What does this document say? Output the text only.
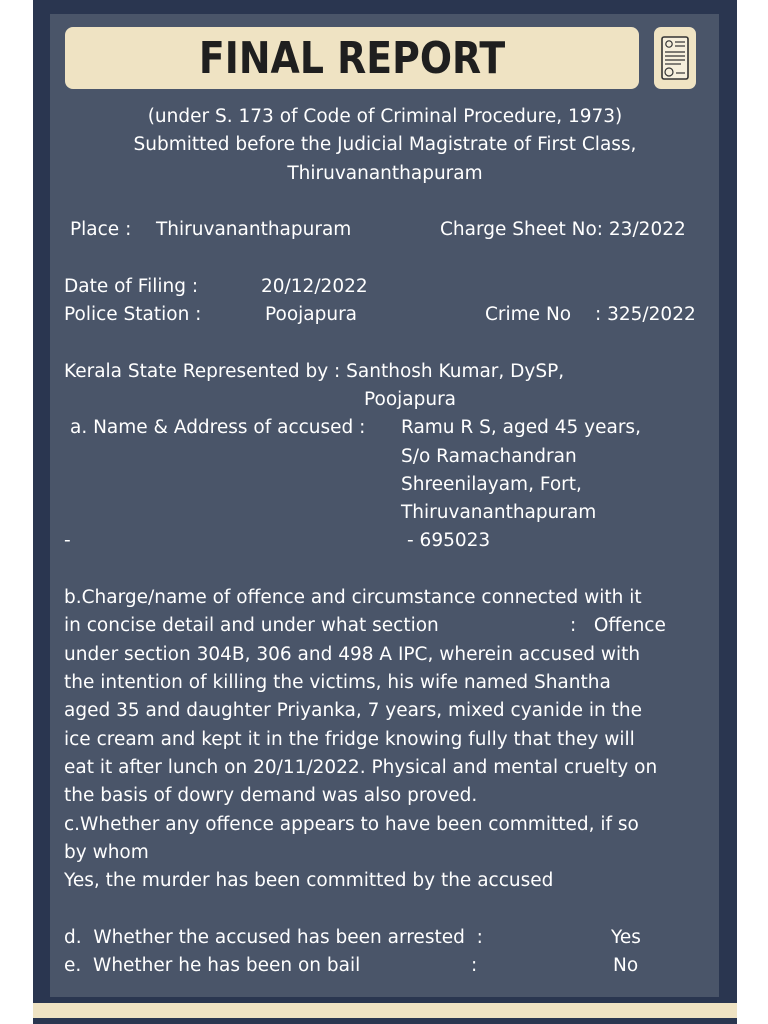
FINAL REPORT
(under S. 173 of Code of Criminal Procedure, 1973)
Submitted before the Judicial Magistrate of First Class,
Thiruvananthapuram
Place : Thiruvananthapuram	Charge Sheet No: 23/2022
Date of Filing :	20/12/2022
Police Station :	Poojapura	Crime No : 325/2022
Kerala State Represented by : Santhosh Kumar, DySP,
Poojapura
a. Name & Address of accused : Ramu R S, aged 45 years,
S/o Ramachandran
Shreenilayam, Fort,
Thiruvananthapuram
-	- 695023
b.Charge/name of offence and circumstance connected with it
in concise detail and under what section	:   Offence
under section 304B, 306 and 498 A IPC, wherein accused with
the intention of killing the victims, his wife named Shantha
aged 35 and daughter Priyanka, 7 years, mixed cyanide in the
ice cream and kept it in the fridge knowing fully that they will
eat it after lunch on 20/11/2022. Physical and mental cruelty on
the basis of dowry demand was also proved.
c.Whether any offence appears to have been committed, if so
by whom
Yes, the murder has been committed by the accused
d.  Whether the accused has been arrested  :	Yes
e.  Whether he has been on bail	:	No
